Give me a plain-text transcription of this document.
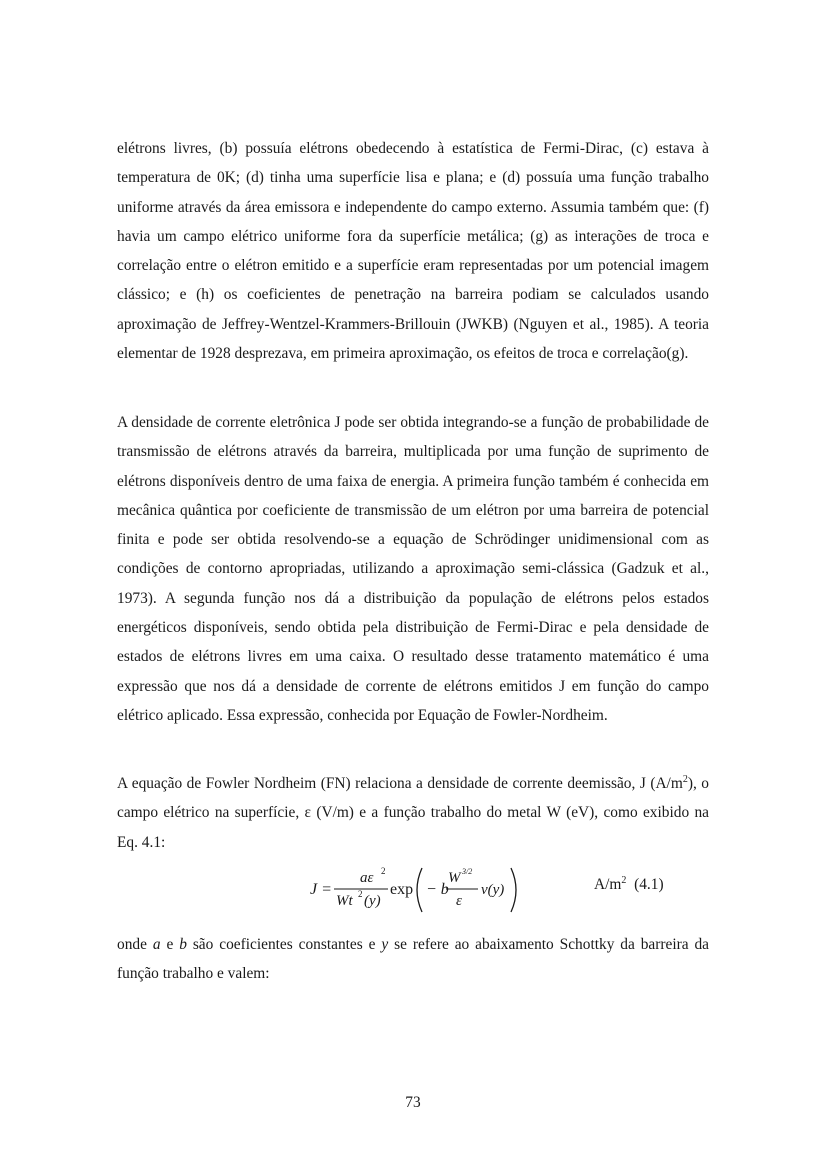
elétrons livres, (b) possuía elétrons obedecendo à estatística de Fermi-Dirac, (c) estava à temperatura de 0K; (d) tinha uma superfície lisa e plana; e (d) possuía uma função trabalho uniforme através da área emissora e independente do campo externo. Assumia também que: (f) havia um campo elétrico uniforme fora da superfície metálica; (g) as interações de troca e correlação entre o elétron emitido e a superfície eram representadas por um potencial imagem clássico; e (h) os coeficientes de penetração na barreira podiam se calculados usando aproximação de Jeffrey-Wentzel-Krammers-Brillouin (JWKB) (Nguyen et al., 1985). A teoria elementar de 1928 desprezava, em primeira aproximação, os efeitos de troca e correlação(g).

A densidade de corrente eletrônica J pode ser obtida integrando-se a função de probabilidade de transmissão de elétrons através da barreira, multiplicada por uma função de suprimento de elétrons disponíveis dentro de uma faixa de energia. A primeira função também é conhecida em mecânica quântica por coeficiente de transmissão de um elétron por uma barreira de potencial finita e pode ser obtida resolvendo-se a equação de Schrödinger unidimensional com as condições de contorno apropriadas, utilizando a aproximação semi-clássica (Gadzuk et al., 1973). A segunda função nos dá a distribuição da população de elétrons pelos estados energéticos disponíveis, sendo obtida pela distribuição de Fermi-Dirac e pela densidade de estados de elétrons livres em uma caixa. O resultado desse tratamento matemático é uma expressão que nos dá a densidade de corrente de elétrons emitidos J em função do campo elétrico aplicado. Essa expressão, conhecida por Equação de Fowler-Nordheim.

A equação de Fowler Nordheim (FN) relaciona a densidade de corrente deemissão, J $(A/m^2)$, o campo elétrico na superfície, ε (V/m) e a função trabalho do metal W (eV), como exibido na Eq. 4.1:

J =
aε 2
Wt 2 (y)
exp − b
W 3/2
ε
ν(y)	$A/m^2$ (4.1)

onde a e b são coeficientes constantes e y se refere ao abaixamento Schottky da barreira da função trabalho e valem:

73
